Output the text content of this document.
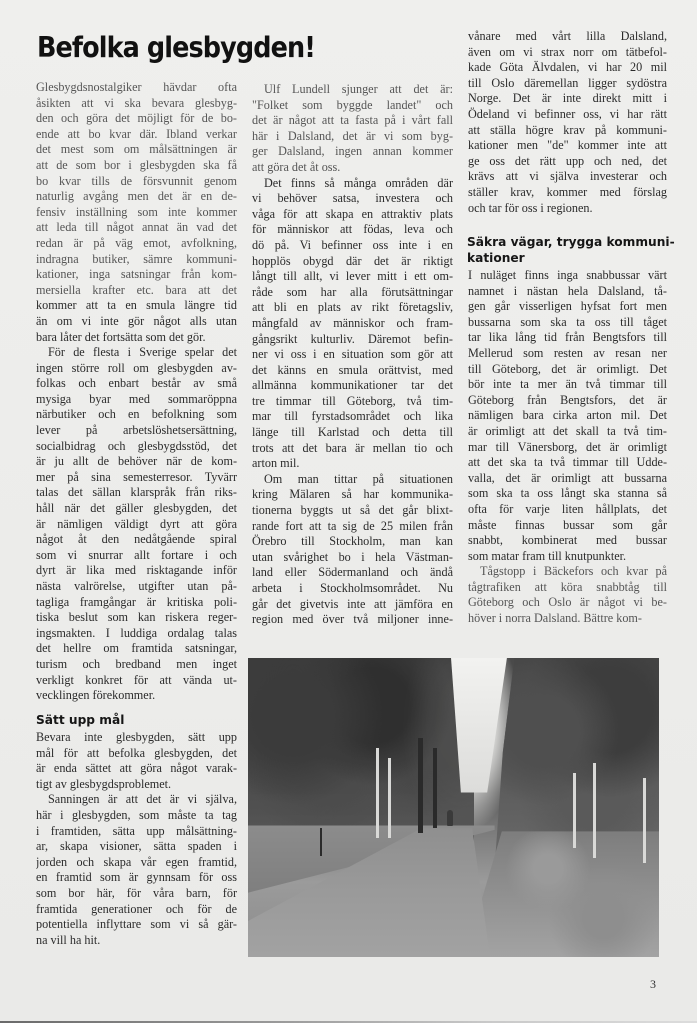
Befolka glesbygden!
Glesbygdsnostalgiker hävdar ofta
åsikten att vi ska bevara glesbyg-
den och göra det möjligt för de bo-
ende att bo kvar där. Ibland verkar
det mest som om målsättningen är
att de som bor i glesbygden ska få
bo kvar tills de försvunnit genom
naturlig avgång men det är en de-
fensiv inställning som inte kommer
att leda till något annat än vad det
redan är på väg emot, avfolkning,
indragna butiker, sämre kommuni-
kationer, inga satsningar från kom-
mersiella krafter etc. bara att det
kommer att ta en smula längre tid
än om vi inte gör något alls utan
bara låter det fortsätta som det gör.
För de flesta i Sverige spelar det
ingen större roll om glesbygden av-
folkas och enbart består av små
mysiga byar med sommaröppna
närbutiker och en befolkning som
lever på arbetslöshetsersättning,
socialbidrag och glesbygdsstöd, det
är ju allt de behöver när de kom-
mer på sina semesterresor. Tyvärr
talas det sällan klarspråk från riks-
håll när det gäller glesbygden, det
är nämligen väldigt dyrt att göra
något åt den nedåtgående spiral
som vi snurrar allt fortare i och
dyrt är lika med risktagande inför
nästa valrörelse, utgifter utan på-
tagliga framgångar är kritiska poli-
tiska beslut som kan riskera reger-
ingsmakten. I luddiga ordalag talas
det hellre om framtida satsningar,
turism och bredband men inget
verkligt konkret för att vända ut-
vecklingen förekommer.
Sätt upp mål
Bevara inte glesbygden, sätt upp
mål för att befolka glesbygden, det
är enda sättet att göra något varak-
tigt av glesbygdsproblemet.
Sanningen är att det är vi själva,
här i glesbygden, som måste ta tag
i framtiden, sätta upp målsättning-
ar, skapa visioner, sätta spaden i
jorden och skapa vår egen framtid,
en framtid som är gynnsam för oss
som bor här, för våra barn, för
framtida generationer och för de
potentiella inflyttare som vi så gär-
na vill ha hit.
Ulf Lundell sjunger att det är:
"Folket som byggde landet" och
det är något att ta fasta på i vårt fall
här i Dalsland, det är vi som byg-
ger Dalsland, ingen annan kommer
att göra det åt oss.
Det finns så många områden där
vi behöver satsa, investera och
våga för att skapa en attraktiv plats
för människor att födas, leva och
dö på. Vi befinner oss inte i en
hopplös obygd där det är riktigt
långt till allt, vi lever mitt i ett om-
råde som har alla förutsättningar
att bli en plats av rikt företagsliv,
mångfald av människor och fram-
gångsrikt kulturliv. Däremot befin-
ner vi oss i en situation som gör att
det känns en smula orättvist, med
allmänna kommunikationer tar det
tre timmar till Göteborg, två tim-
mar till fyrstadsområdet och lika
länge till Karlstad och detta till
trots att det bara är mellan tio och
arton mil.
Om man tittar på situationen
kring Mälaren så har kommunika-
tionerna byggts ut så det går blixt-
rande fort att ta sig de 25 milen från
Örebro till Stockholm, man kan
utan svårighet bo i hela Västman-
land eller Södermanland och ändå
arbeta i Stockholmsområdet. Nu
går det givetvis inte att jämföra en
region med över två miljoner inne-
vånare med vårt lilla Dalsland,
även om vi strax norr om tätbefol-
kade Göta Älvdalen, vi har 20 mil
till Oslo däremellan ligger sydöstra
Norge. Det är inte direkt mitt i
Ödeland vi befinner oss, vi har rätt
att ställa högre krav på kommuni-
kationer men "de" kommer inte att
ge oss det rätt upp och ned, det
krävs att vi själva investerar och
ställer krav, kommer med förslag
och tar för oss i regionen.
Säkra vägar, trygga kommuni-
kationer
I nuläget finns inga snabbussar värt
namnet i nästan hela Dalsland, tå-
gen går visserligen hyfsat fort men
bussarna som ska ta oss till tåget
tar lika lång tid från Bengtsfors till
Mellerud som resten av resan ner
till Göteborg, det är orimligt. Det
bör inte ta mer än två timmar till
Göteborg från Bengtsfors, det är
nämligen bara cirka arton mil. Det
är orimligt att det skall ta två tim-
mar till Vänersborg, det är orimligt
att det ska ta två timmar till Udde-
valla, det är orimligt att bussarna
som ska ta oss långt ska stanna så
ofta för varje liten hållplats, det
måste finnas bussar som går
snabbt, kombinerat med bussar
som matar fram till knutpunkter.
Tågstopp i Bäckefors och kvar på
tågtrafiken att köra snabbtåg till
Göteborg och Oslo är något vi be-
höver i norra Dalsland. Bättre kom-
3
